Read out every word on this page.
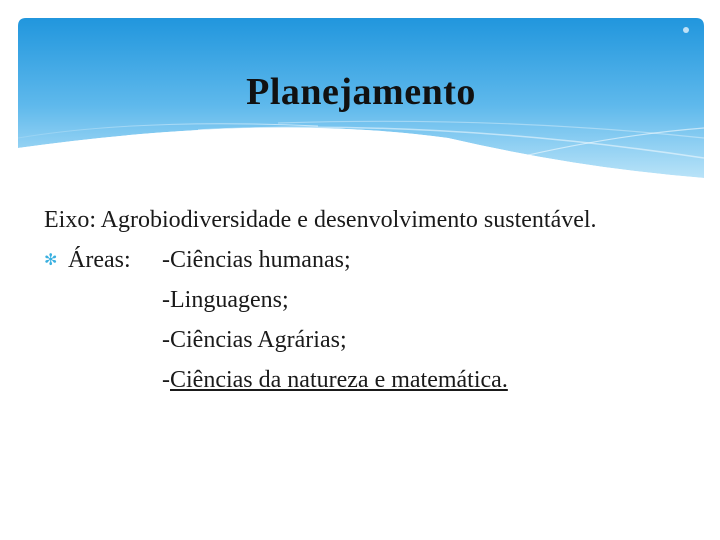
Planejamento
Eixo: Agrobiodiversidade e desenvolvimento sustentável.
✻ Áreas: -Ciências humanas;
-Linguagens;
-Ciências Agrárias;
-Ciências da natureza e matemática.
